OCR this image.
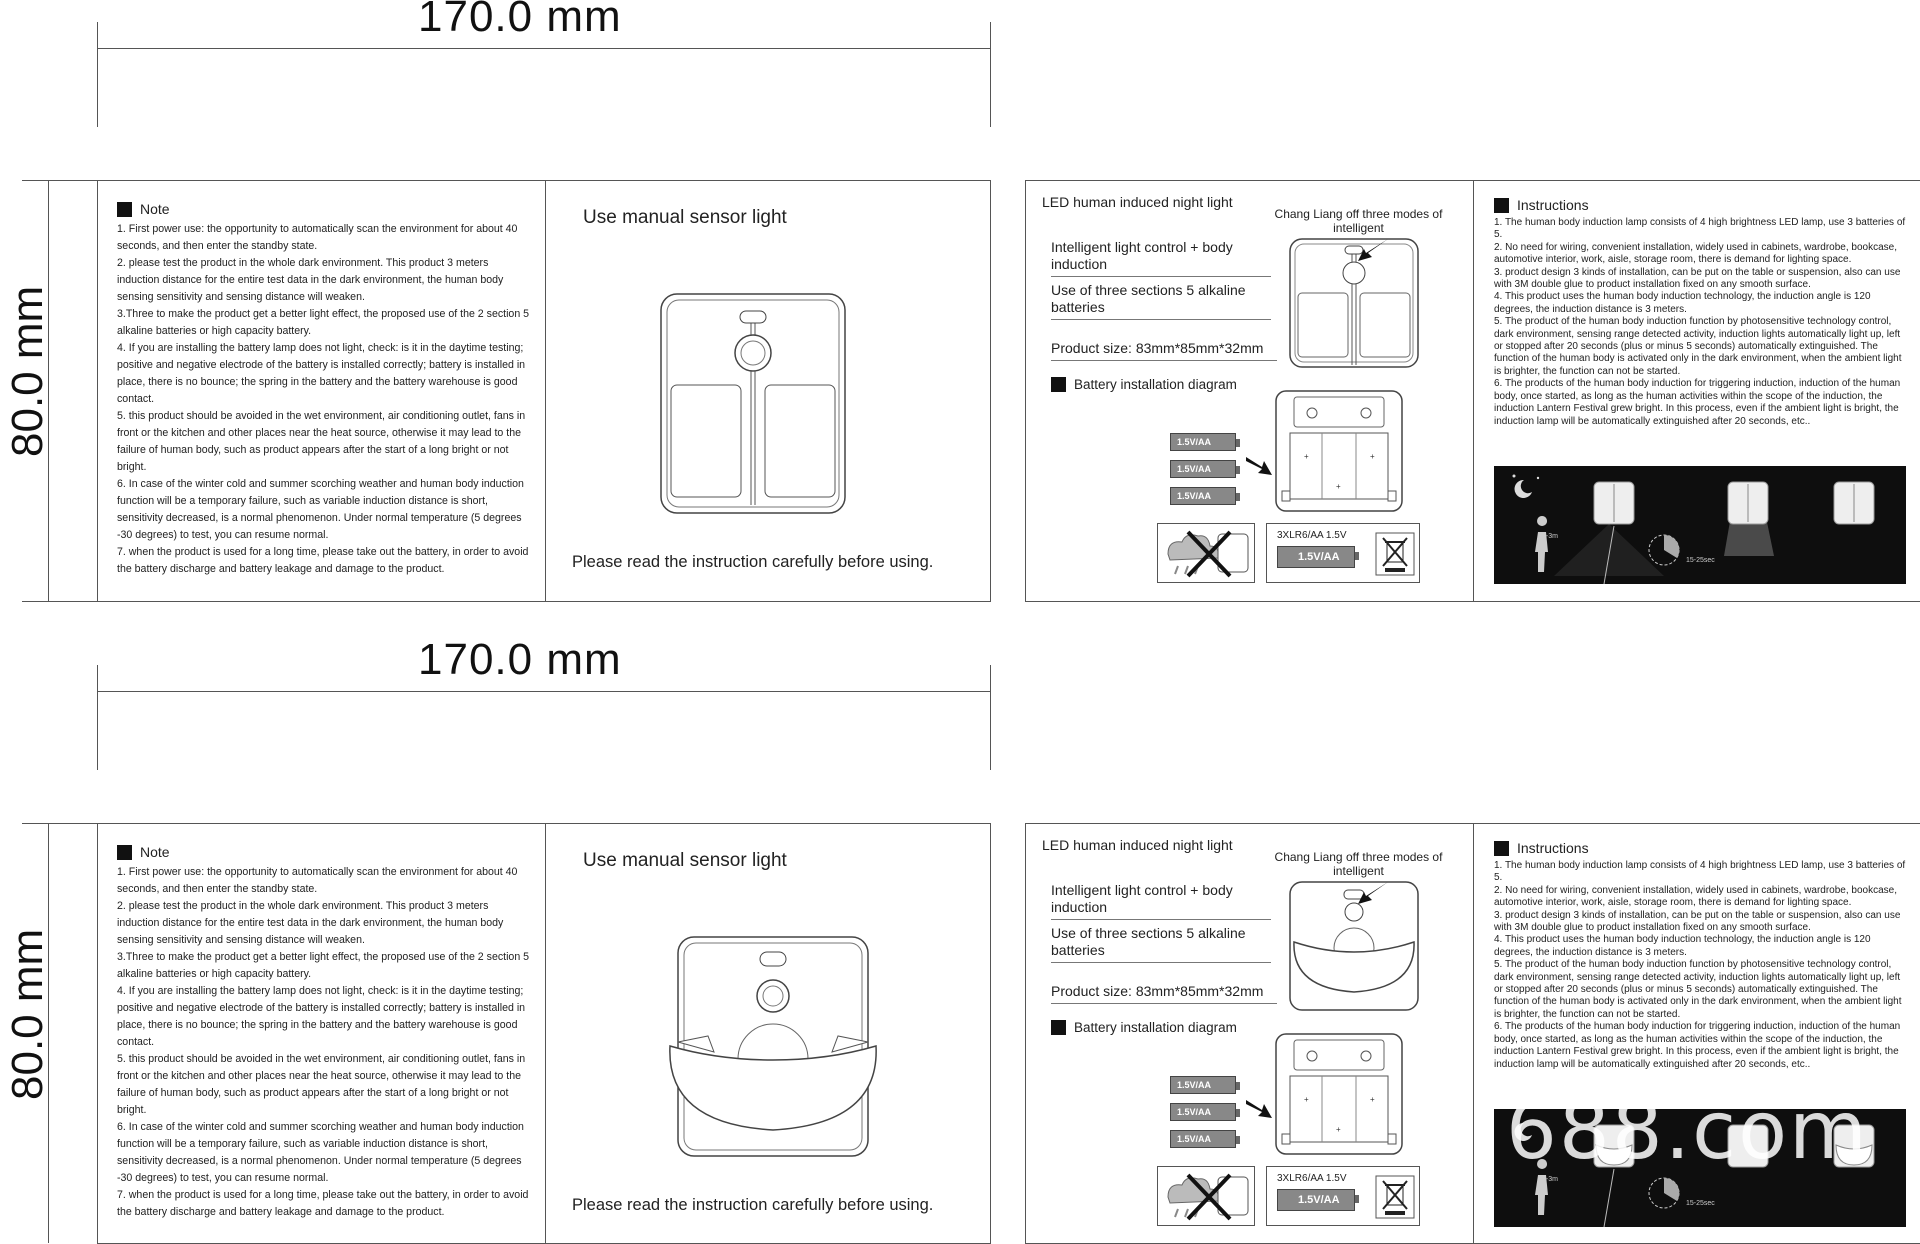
170.0 mm
80.0 mm
Note

1. First power use: the opportunity to automatically scan the environment for about 40 seconds, and then enter the standby state.

2. please test the product in the whole dark environment. This product 3 meters induction distance for the entire test data in the dark environment, the human body sensing sensitivity and sensing distance will weaken.

3.Three to make the product get a better light effect, the proposed use of the 2 section 5 alkaline batteries or high capacity battery.

4. If you are installing the battery lamp does not light, check: is it in the daytime testing; positive and negative electrode of the battery is installed correctly; battery is installed in place, there is no bounce; the spring in the battery and the battery warehouse is good contact.

5. this product should be avoided in the wet environment, air conditioning outlet, fans in front or the kitchen and other places near the heat source, otherwise it may lead to the failure of human body, such as product appears after the start of a long bright or not bright.

6. In case of the winter cold and summer scorching weather and human body induction function will be a temporary failure, such as variable induction distance is short, sensitivity decreased, is a normal phenomenon. Under normal temperature (5 degrees -30 degrees) to test, you can resume normal.

7. when the product is used for a long time, please take out the battery, in order to avoid the battery discharge and battery leakage and damage to the product.

Use manual sensor light
Please read the instruction carefully before using.
LED human induced night light
Chang Liang off three modes of intelligent
Intelligent light control + body induction
Use of three sections 5 alkaline batteries
Product size: 83mm*85mm*32mm
Battery installation diagram
+	+
+
1.5V/AA
1.5V/AA
1.5V/AA
3XLR6/AA 1.5V
1.5V/AA
Instructions

1. The human body induction lamp consists of 4 high brightness LED lamp, use 3 batteries of 5.

2. No need for wiring, convenient installation, widely used in cabinets, wardrobe, bookcase, automotive interior, work, aisle, storage room, there is demand for lighting space.

3. product design 3 kinds of installation, can be put on the table or suspension, also can use with 3M double glue to product installation fixed on any smooth surface.

4. This product uses the human body induction technology, the induction angle is 120 degrees, the induction distance is 3 meters.

5. The product of the human body induction function by photosensitive technology control, dark environment, sensing range detected activity, induction lights automatically light up, left or stopped after 20 seconds (plus or minus 5 seconds) automatically extinguished. The function of the human body is activated only in the dark environment, when the ambient light is brighter, the function can not be started.

6. The products of the human body induction for triggering induction, induction of the human body, once started, as long as the human activities within the scope of the induction, the induction Lantern Festival grew bright. In this process, even if the ambient light is bright, the induction lamp will be automatically extinguished after 20 seconds, etc..

0-3m
15-25sec
170.0 mm
80.0 mm
Note

1. First power use: the opportunity to automatically scan the environment for about 40 seconds, and then enter the standby state.

2. please test the product in the whole dark environment. This product 3 meters induction distance for the entire test data in the dark environment, the human body sensing sensitivity and sensing distance will weaken.

3.Three to make the product get a better light effect, the proposed use of the 2 section 5 alkaline batteries or high capacity battery.

4. If you are installing the battery lamp does not light, check: is it in the daytime testing; positive and negative electrode of the battery is installed correctly; battery is installed in place, there is no bounce; the spring in the battery and the battery warehouse is good contact.

5. this product should be avoided in the wet environment, air conditioning outlet, fans in front or the kitchen and other places near the heat source, otherwise it may lead to the failure of human body, such as product appears after the start of a long bright or not bright.

6. In case of the winter cold and summer scorching weather and human body induction function will be a temporary failure, such as variable induction distance is short, sensitivity decreased, is a normal phenomenon. Under normal temperature (5 degrees -30 degrees) to test, you can resume normal.

7. when the product is used for a long time, please take out the battery, in order to avoid the battery discharge and battery leakage and damage to the product.

Use manual sensor light
Please read the instruction carefully before using.
LED human induced night light
Chang Liang off three modes of intelligent
Intelligent light control + body induction
Use of three sections 5 alkaline batteries
Product size: 83mm*85mm*32mm
Battery installation diagram
+	+
+
1.5V/AA
1.5V/AA
1.5V/AA
3XLR6/AA 1.5V
1.5V/AA
Instructions

1. The human body induction lamp consists of 4 high brightness LED lamp, use 3 batteries of 5.

2. No need for wiring, convenient installation, widely used in cabinets, wardrobe, bookcase, automotive interior, work, aisle, storage room, there is demand for lighting space.

3. product design 3 kinds of installation, can be put on the table or suspension, also can use with 3M double glue to product installation fixed on any smooth surface.

4. This product uses the human body induction technology, the induction angle is 120 degrees, the induction distance is 3 meters.

5. The product of the human body induction function by photosensitive technology control, dark environment, sensing range detected activity, induction lights automatically light up, left or stopped after 20 seconds (plus or minus 5 seconds) automatically extinguished. The function of the human body is activated only in the dark environment, when the ambient light is brighter, the function can not be started.

6. The products of the human body induction for triggering induction, induction of the human body, once started, as long as the human activities within the scope of the induction, the induction Lantern Festival grew bright. In this process, even if the ambient light is bright, the induction lamp will be automatically extinguished after 20 seconds, etc..

0-3m
15-25sec
688.com
